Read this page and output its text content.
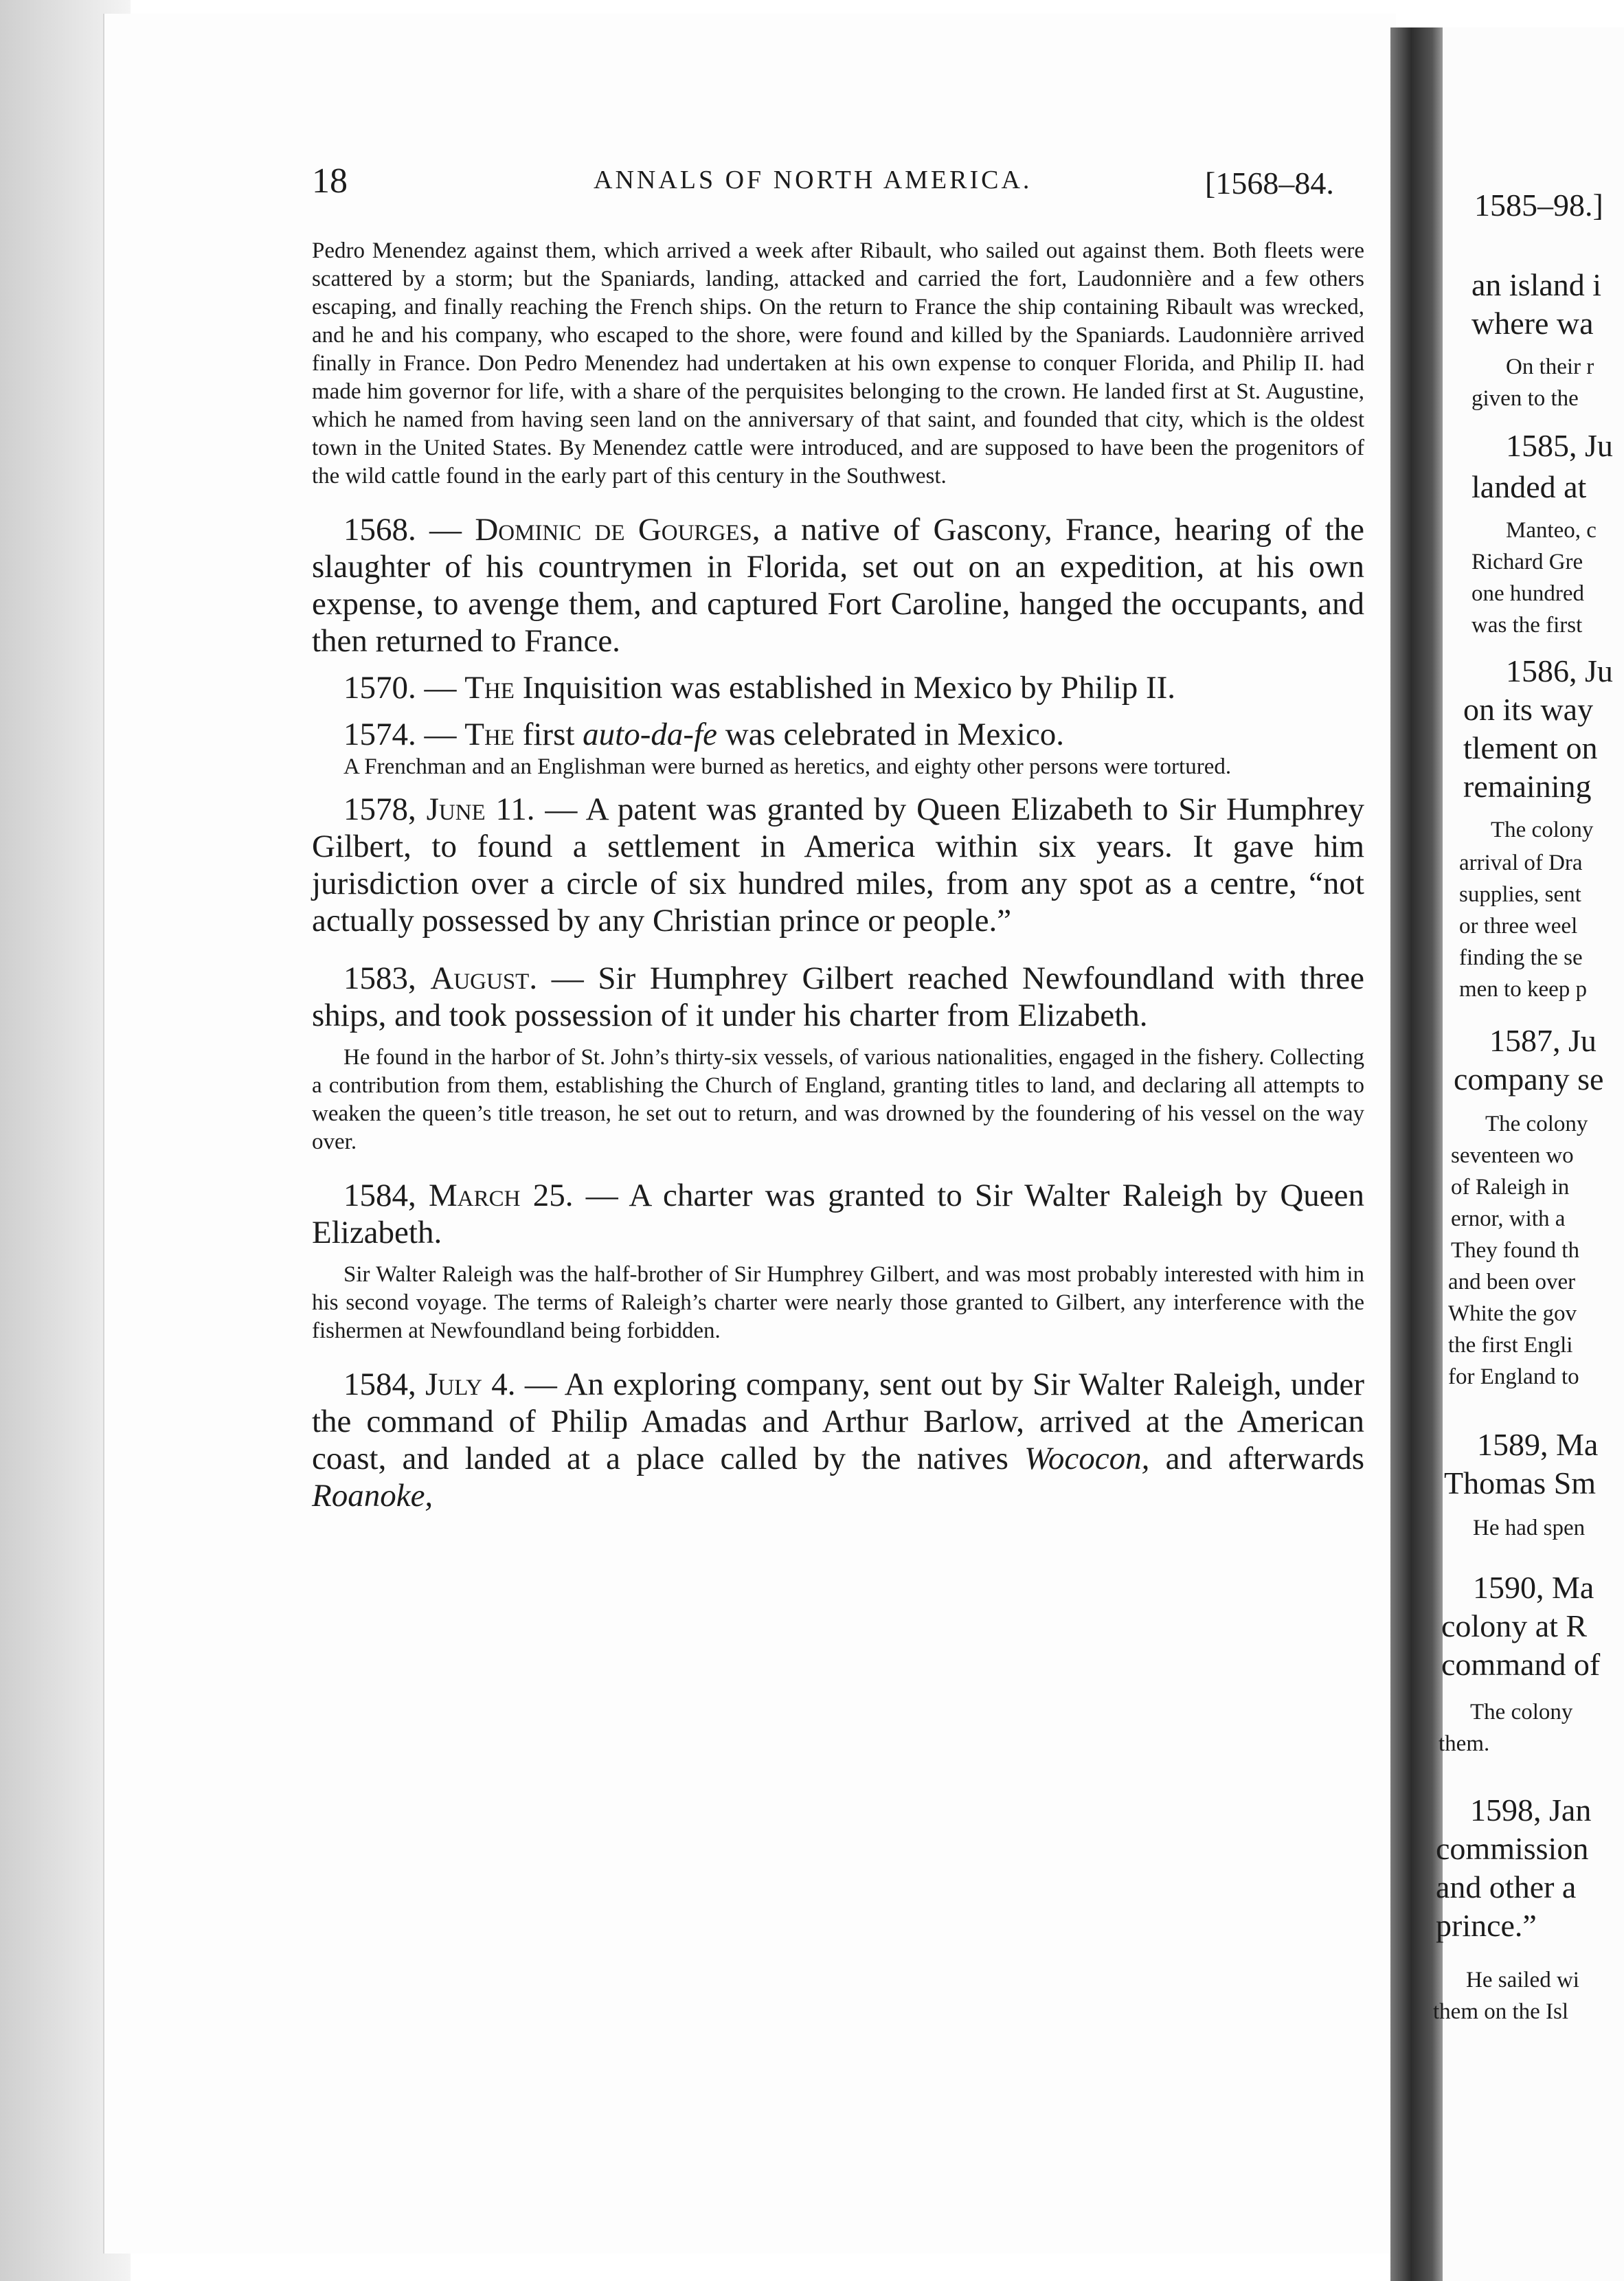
18	ANNALS OF NORTH AMERICA.	[1568–84.

Pedro Menendez against them, which arrived a week after Ribault, who sailed out against them. Both fleets were scattered by a storm; but the Spaniards, landing, attacked and carried the fort, Laudonnière and a few others escaping, and finally reaching the French ships. On the return to France the ship containing Ribault was wrecked, and he and his company, who escaped to the shore, were found and killed by the Spaniards. Laudonnière arrived finally in France. Don Pedro Menendez had undertaken at his own expense to conquer Florida, and Philip II. had made him governor for life, with a share of the perquisites belonging to the crown. He landed first at St. Augustine, which he named from having seen land on the anniversary of that saint, and founded that city, which is the oldest town in the United States. By Menendez cattle were introduced, and are supposed to have been the progenitors of the wild cattle found in the early part of this century in the Southwest.

1568. — Dominic de Gourges, a native of Gascony, France, hearing of the slaughter of his countrymen in Florida, set out on an expedition, at his own expense, to avenge them, and captured Fort Caroline, hanged the occupants, and then returned to France.

1570. — The Inquisition was established in Mexico by Philip II.

1574. — The first auto-da-fe was celebrated in Mexico.

A Frenchman and an Englishman were burned as heretics, and eighty other persons were tortured.

1578, June 11. — A patent was granted by Queen Elizabeth to Sir Humphrey Gilbert, to found a settlement in America within six years. It gave him jurisdiction over a circle of six hundred miles, from any spot as a centre, “not actually possessed by any Christian prince or people.”

1583, August. — Sir Humphrey Gilbert reached Newfoundland with three ships, and took possession of it under his charter from Elizabeth.

He found in the harbor of St. John’s thirty-six vessels, of various nationalities, engaged in the fishery. Collecting a contribution from them, establishing the Church of England, granting titles to land, and declaring all attempts to weaken the queen’s title treason, he set out to return, and was drowned by the foundering of his vessel on the way over.

1584, March 25. — A charter was granted to Sir Walter Raleigh by Queen Elizabeth.

Sir Walter Raleigh was the half-brother of Sir Humphrey Gilbert, and was most probably interested with him in his second voyage. The terms of Raleigh’s charter were nearly those granted to Gilbert, any interference with the fishermen at Newfoundland being forbidden.

1584, July 4. — An exploring company, sent out by Sir Walter Raleigh, under the command of Philip Amadas and Arthur Barlow, arrived at the American coast, and landed at a place called by the natives Wococon, and afterwards Roanoke,

1585–98.]
an island i
where wa
On their r
given to the
1585, Ju
landed at
Manteo, c
Richard Gre
one hundred
was the first
1586, Ju
on its way
tlement on
remaining
The colony
arrival of Dra
supplies, sent
or three weel
finding the se
men to keep p
1587, Ju
company se
The colony
seventeen wo
of Raleigh in
ernor, with a
They found th
and been over
White the gov
the first Engli
for England to
1589, Ma
Thomas Sm
He had spen
1590, Ma
colony at R
command of
The colony
them.
1598, Jan
commission
and other a
prince.”
He sailed wi
them on the Isl
